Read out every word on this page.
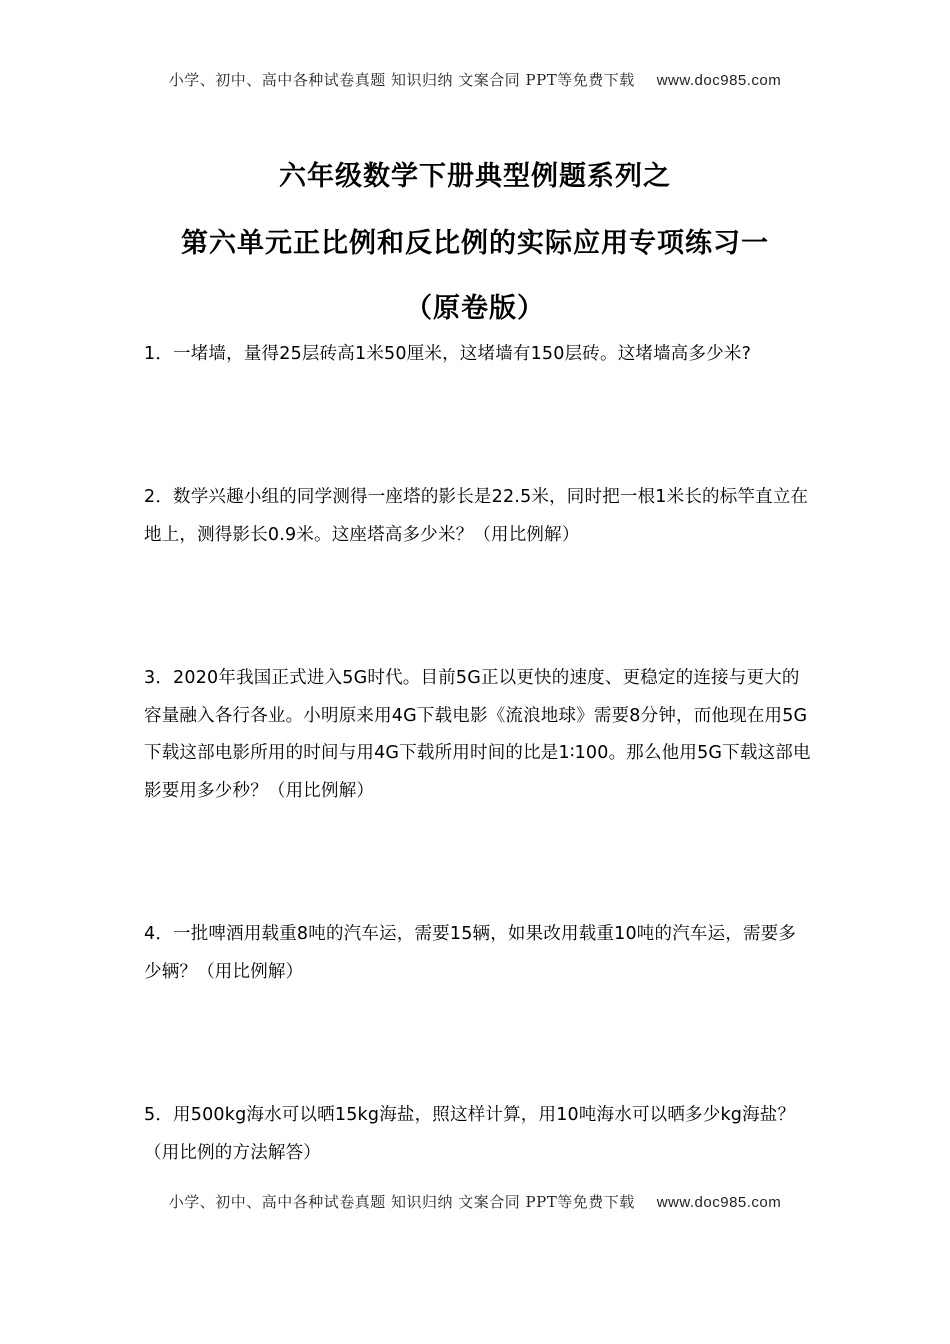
小学、初中、高中各种试卷真题 知识归纳 文案合同 PPT等免费下载 www.doc985.com
六年级数学下册典型例题系列之
第六单元正比例和反比例的实际应用专项练习一
（原卷版）
1．一堵墙，量得25层砖高1米50厘米，这堵墙有150层砖。这堵墙高多少米?
2．数学兴趣小组的同学测得一座塔的影长是22.5米，同时把一根1米长的标竿直立在地上，测得影长0.9米。这座塔高多少米？（用比例解）
3．2020年我国正式进入5G时代。目前5G正以更快的速度、更稳定的连接与更大的容量融入各行各业。小明原来用4G下载电影《流浪地球》需要8分钟，而他现在用5G下载这部电影所用的时间与用4G下载所用时间的比是1∶100。那么他用5G下载这部电影要用多少秒？（用比例解）
4．一批啤酒用载重8吨的汽车运，需要15辆，如果改用载重10吨的汽车运，需要多少辆？（用比例解）
5．用500kg海水可以晒15kg海盐，照这样计算，用10吨海水可以晒多少kg海盐？（用比例的方法解答）
小学、初中、高中各种试卷真题 知识归纳 文案合同 PPT等免费下载 www.doc985.com
